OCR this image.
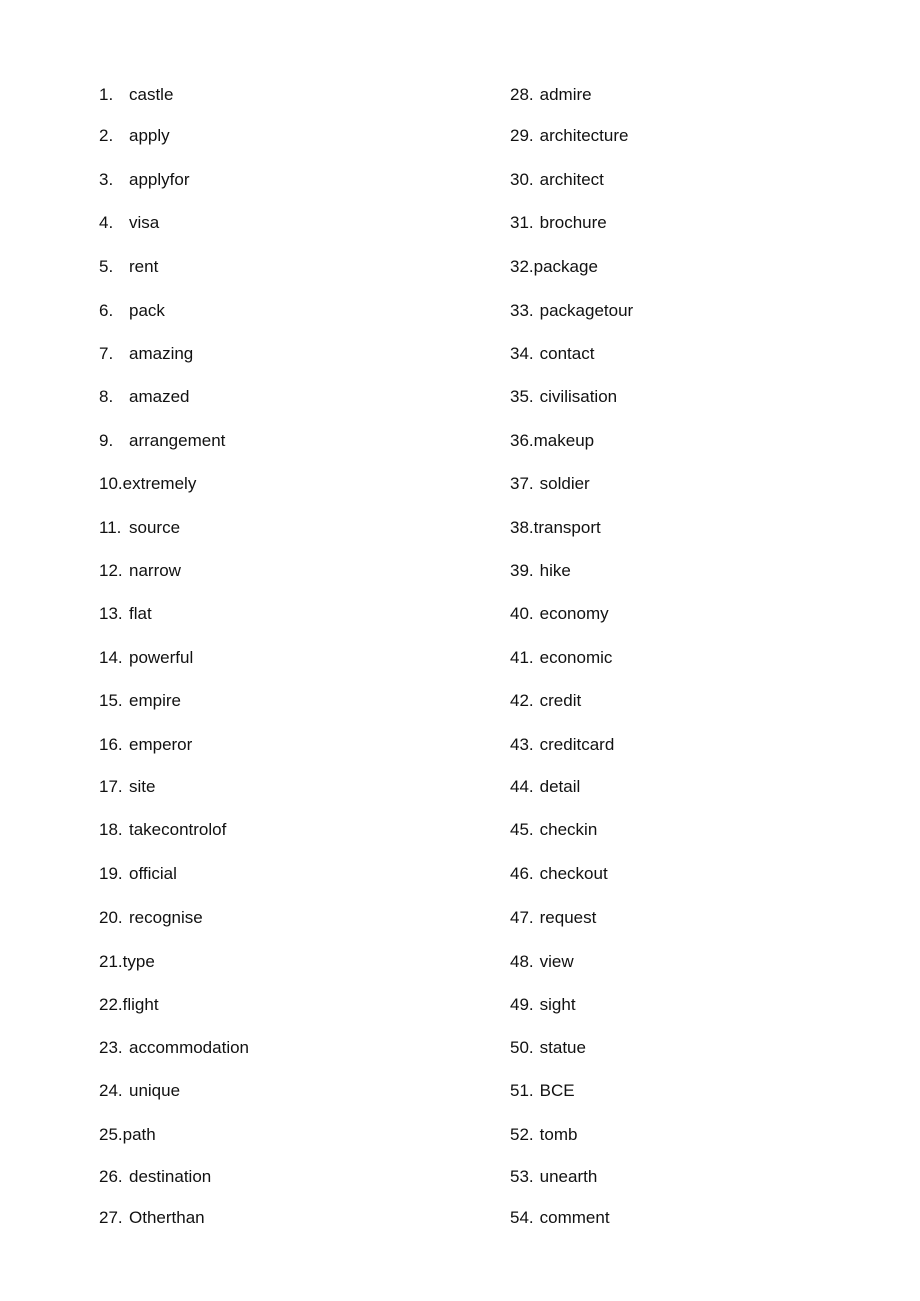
1. castle
2. apply
3. applyfor
4. visa
5. rent
6. pack
7. amazing
8. amazed
9. arrangement
10.extremely
11. source
12. narrow
13. flat
14. powerful
15. empire
16. emperor
17. site
18. takecontrolof
19. official
20. recognise
21.type
22.flight
23. accommodation
24. unique
25.path
26. destination
27. Otherthan
28. admire
29. architecture
30. architect
31. brochure
32.package
33. packagetour
34. contact
35. civilisation
36.makeup
37. soldier
38.transport
39. hike
40. economy
41. economic
42. credit
43. creditcard
44. detail
45. checkin
46. checkout
47. request
48. view
49. sight
50. statue
51. BCE
52. tomb
53. unearth
54. comment
